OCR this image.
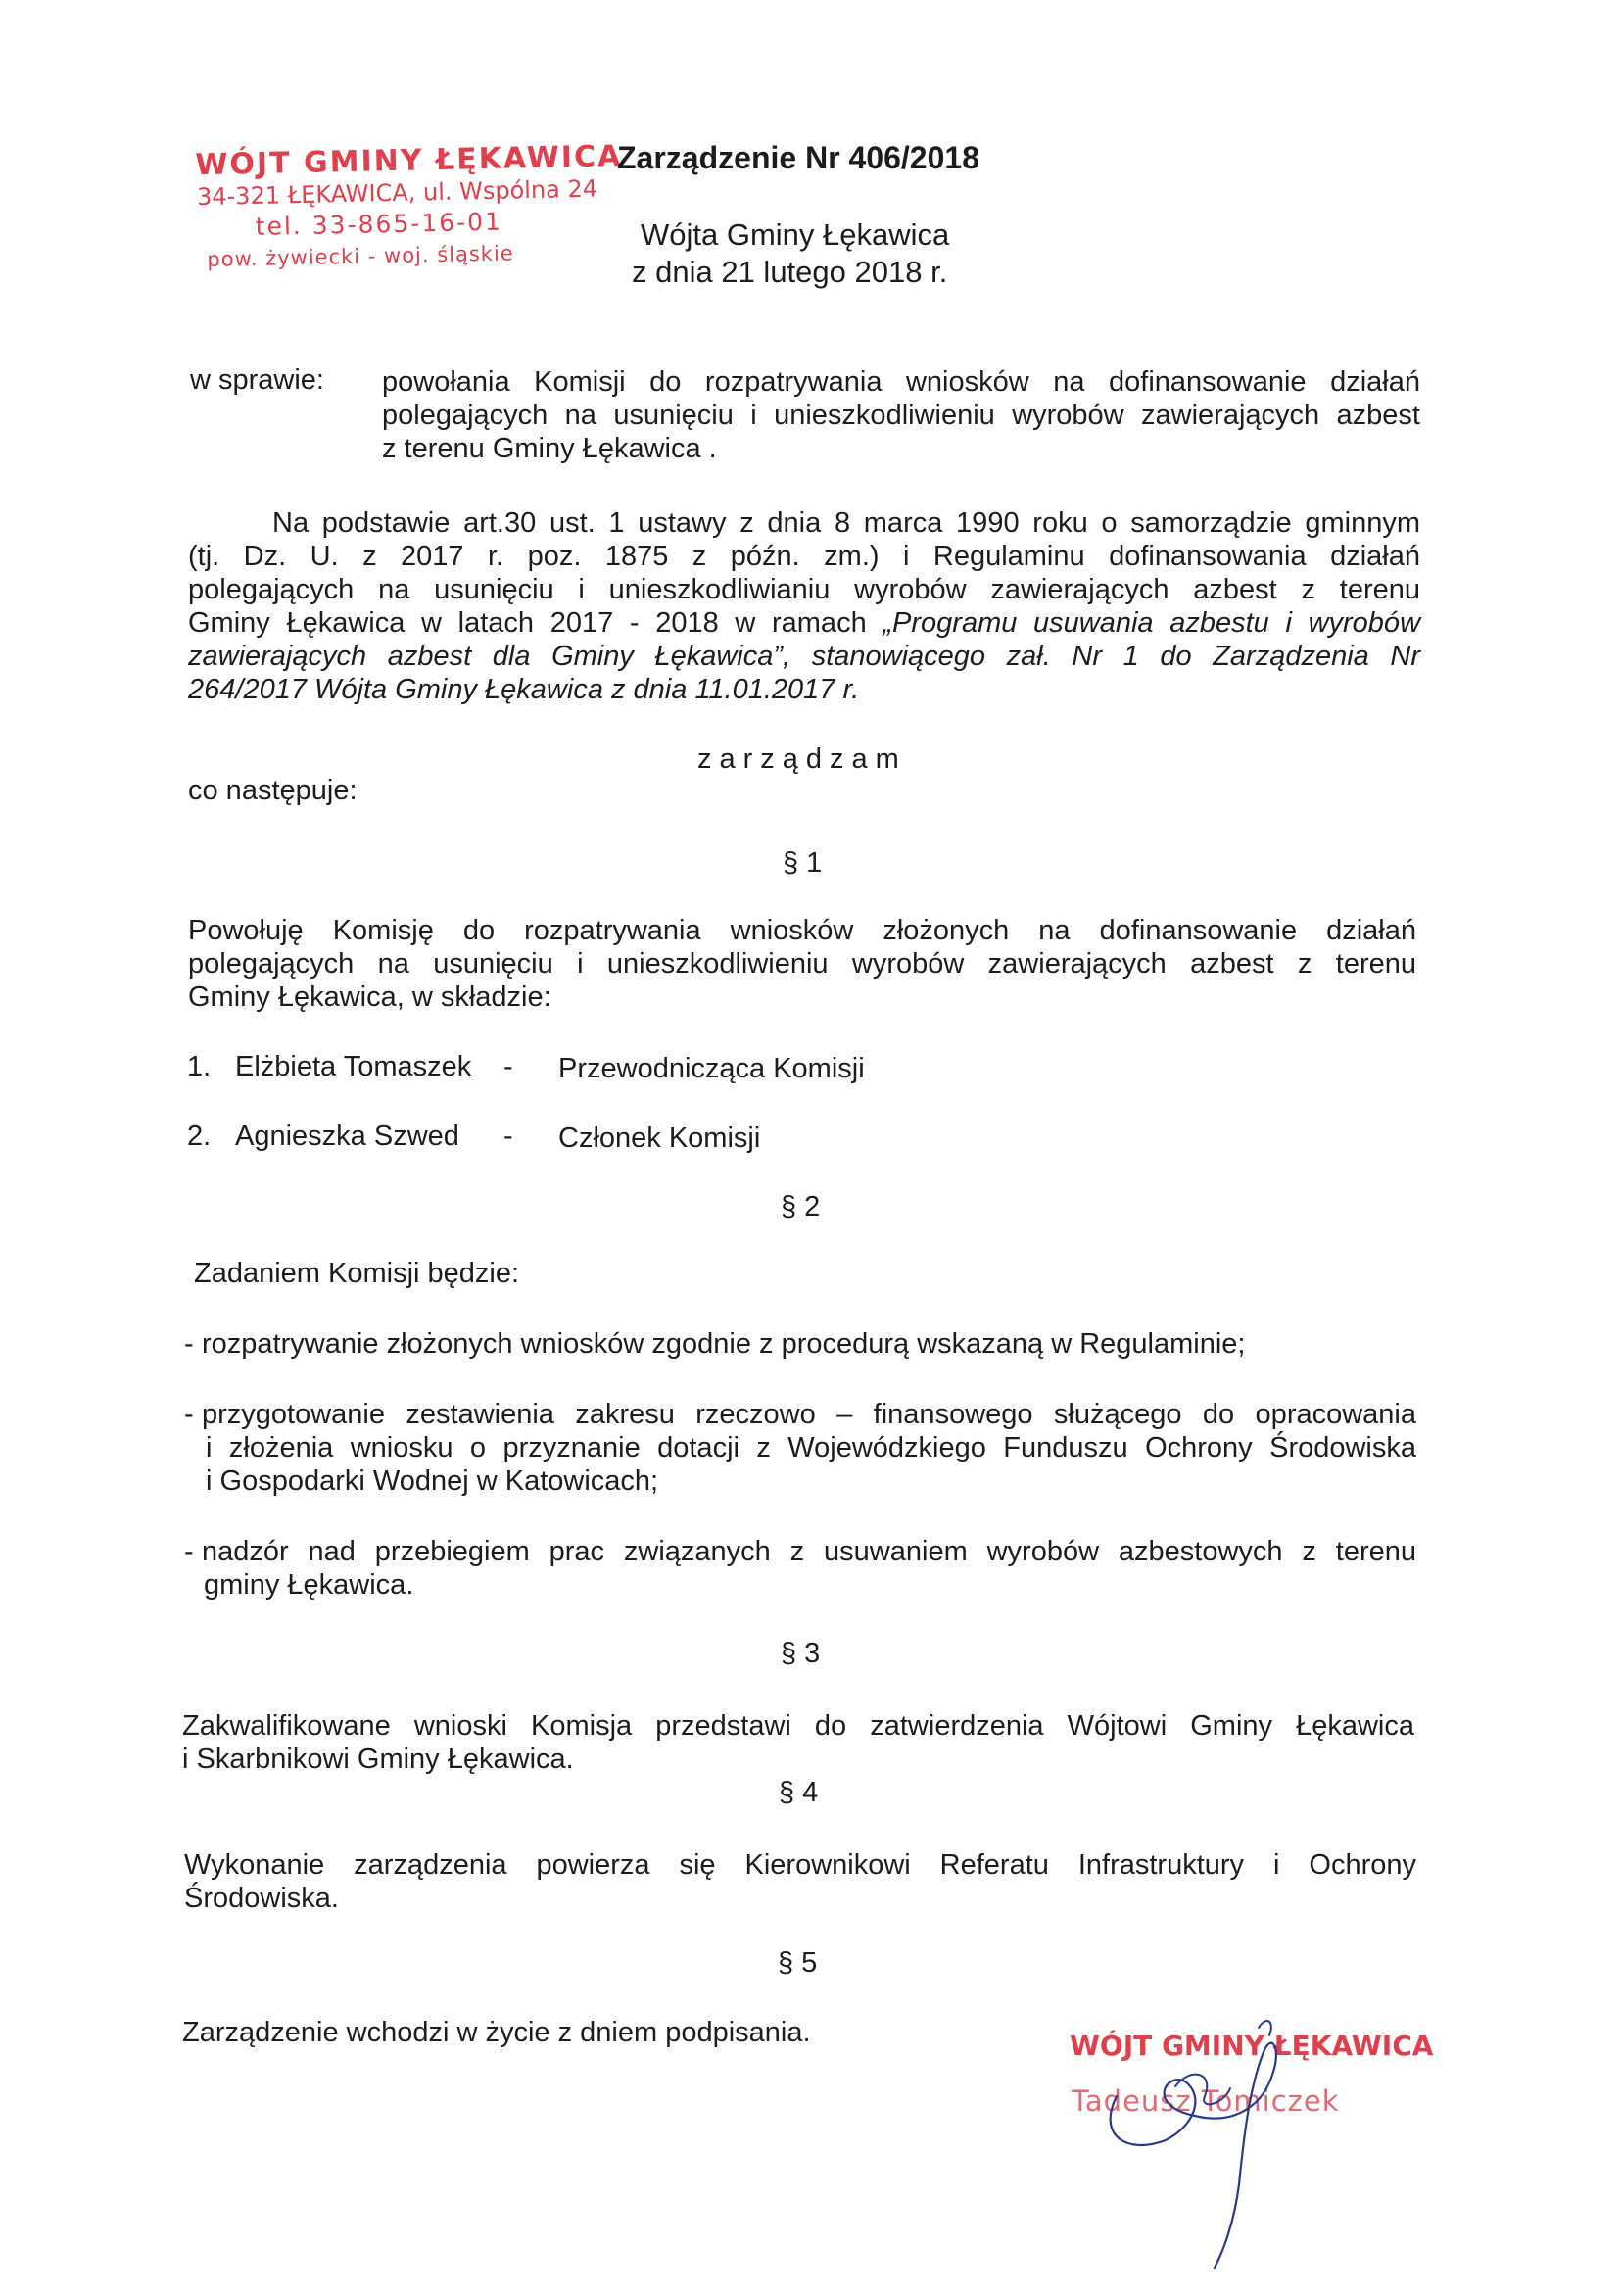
WÓJT GMINY ŁĘKAWICA
34-321 ŁĘKAWICA, ul. Wspólna 24
tel. 33-865-16-01
pow. żywiecki - woj. śląskie
Zarządzenie Nr 406/2018
Wójta Gminy Łękawica
z dnia 21 lutego 2018 r.
w sprawie: powołania Komisji do rozpatrywania wniosków na dofinansowanie działań
polegających na usunięciu i unieszkodliwieniu wyrobów zawierających azbest
z terenu Gminy Łękawica .
Na podstawie art.30 ust. 1 ustawy z dnia 8 marca 1990 roku o samorządzie gminnym
(tj. Dz. U. z 2017 r. poz. 1875 z późn. zm.) i Regulaminu dofinansowania działań
polegających na usunięciu i unieszkodliwianiu wyrobów zawierających azbest z terenu
Gminy Łękawica w latach 2017 - 2018 w ramach „Programu usuwania azbestu i wyrobów
zawierających azbest dla Gminy Łękawica”, stanowiącego zał. Nr 1 do Zarządzenia Nr
264/2017 Wójta Gminy Łękawica z dnia 11.01.2017 r.
zarządzam
co następuje:
§ 1
Powołuję Komisję do rozpatrywania wniosków złożonych na dofinansowanie działań
polegających na usunięciu i unieszkodliwieniu wyrobów zawierających azbest z terenu
Gminy Łękawica, w składzie:
1. Elżbieta Tomaszek - Przewodnicząca Komisji
2. Agnieszka Szwed - Członek Komisji
§ 2
Zadaniem Komisji będzie:
- rozpatrywanie złożonych wniosków zgodnie z procedurą wskazaną w Regulaminie;
- przygotowanie zestawienia zakresu rzeczowo – finansowego służącego do opracowania
i złożenia wniosku o przyznanie dotacji z Wojewódzkiego Funduszu Ochrony Środowiska
i Gospodarki Wodnej w Katowicach;
- nadzór nad przebiegiem prac związanych z usuwaniem wyrobów azbestowych z terenu
gminy Łękawica.
§ 3
Zakwalifikowane wnioski Komisja przedstawi do zatwierdzenia Wójtowi Gminy Łękawica
i Skarbnikowi Gminy Łękawica.
§ 4
Wykonanie zarządzenia powierza się Kierownikowi Referatu Infrastruktury i Ochrony
Środowiska.
§ 5
Zarządzenie wchodzi w życie z dniem podpisania.	WÓJT GMINY ŁĘKAWICA
Tadeusz Tomiczek
